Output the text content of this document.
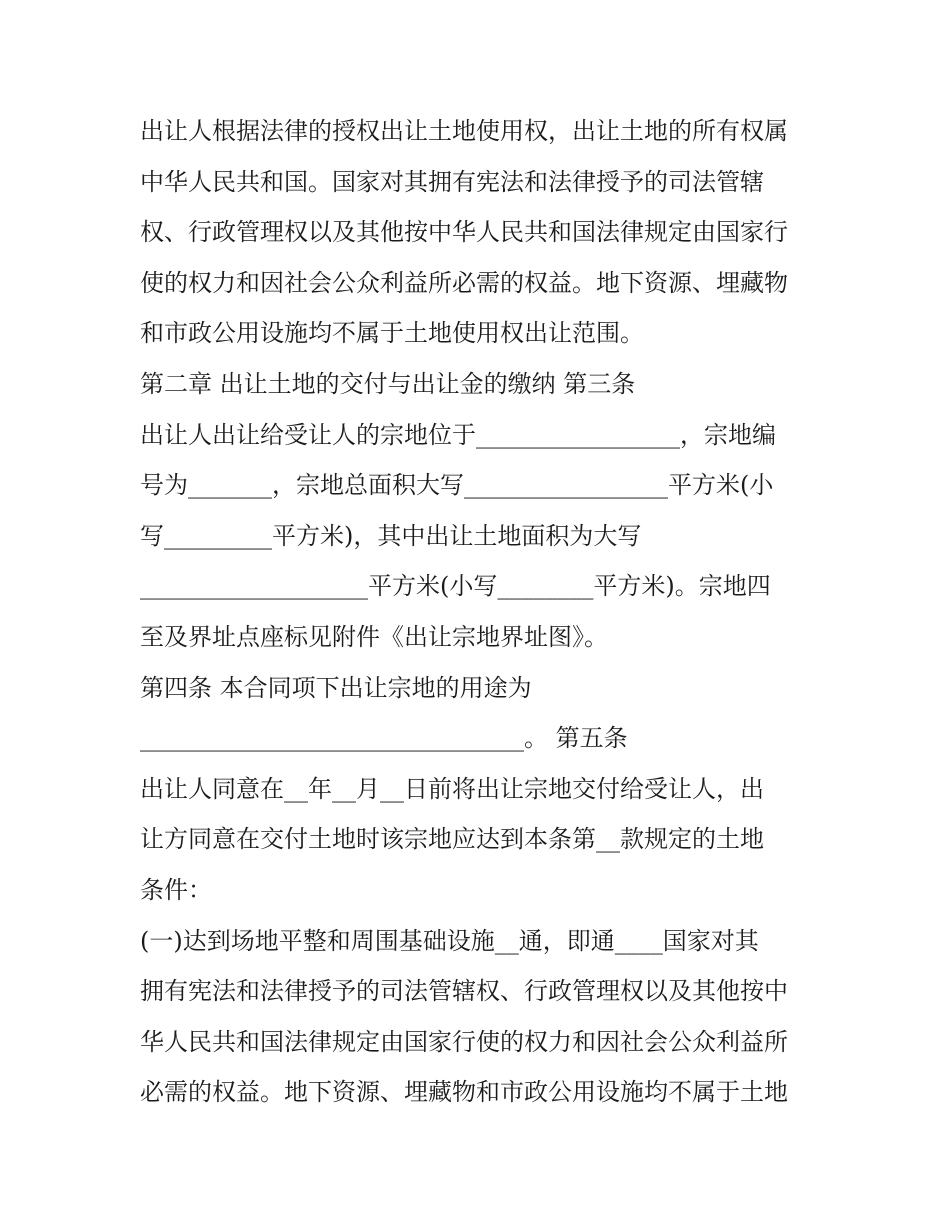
出让人根据法律的授权出让土地使用权，出让土地的所有权属
中华人民共和国。国家对其拥有宪法和法律授予的司法管辖
权、行政管理权以及其他按中华人民共和国法律规定由国家行
使的权力和因社会公众利益所必需的权益。地下资源、埋藏物
和市政公用设施均不属于土地使用权出让范围。
第二章 出让土地的交付与出让金的缴纳 第三条
出让人出让给受让人的宗地位于_________________，宗地编
号为_______，宗地总面积大写_________________平方米(小
写_________平方米)，其中出让土地面积为大写
___________________平方米(小写________平方米)。宗地四
至及界址点座标见附件《出让宗地界址图》。
第四条 本合同项下出让宗地的用途为
________________________________。 第五条
出让人同意在__年__月__日前将出让宗地交付给受让人，出
让方同意在交付土地时该宗地应达到本条第__款规定的土地
条件：
(一)达到场地平整和周围基础设施__通，即通____国家对其
拥有宪法和法律授予的司法管辖权、行政管理权以及其他按中
华人民共和国法律规定由国家行使的权力和因社会公众利益所
必需的权益。地下资源、埋藏物和市政公用设施均不属于土地
